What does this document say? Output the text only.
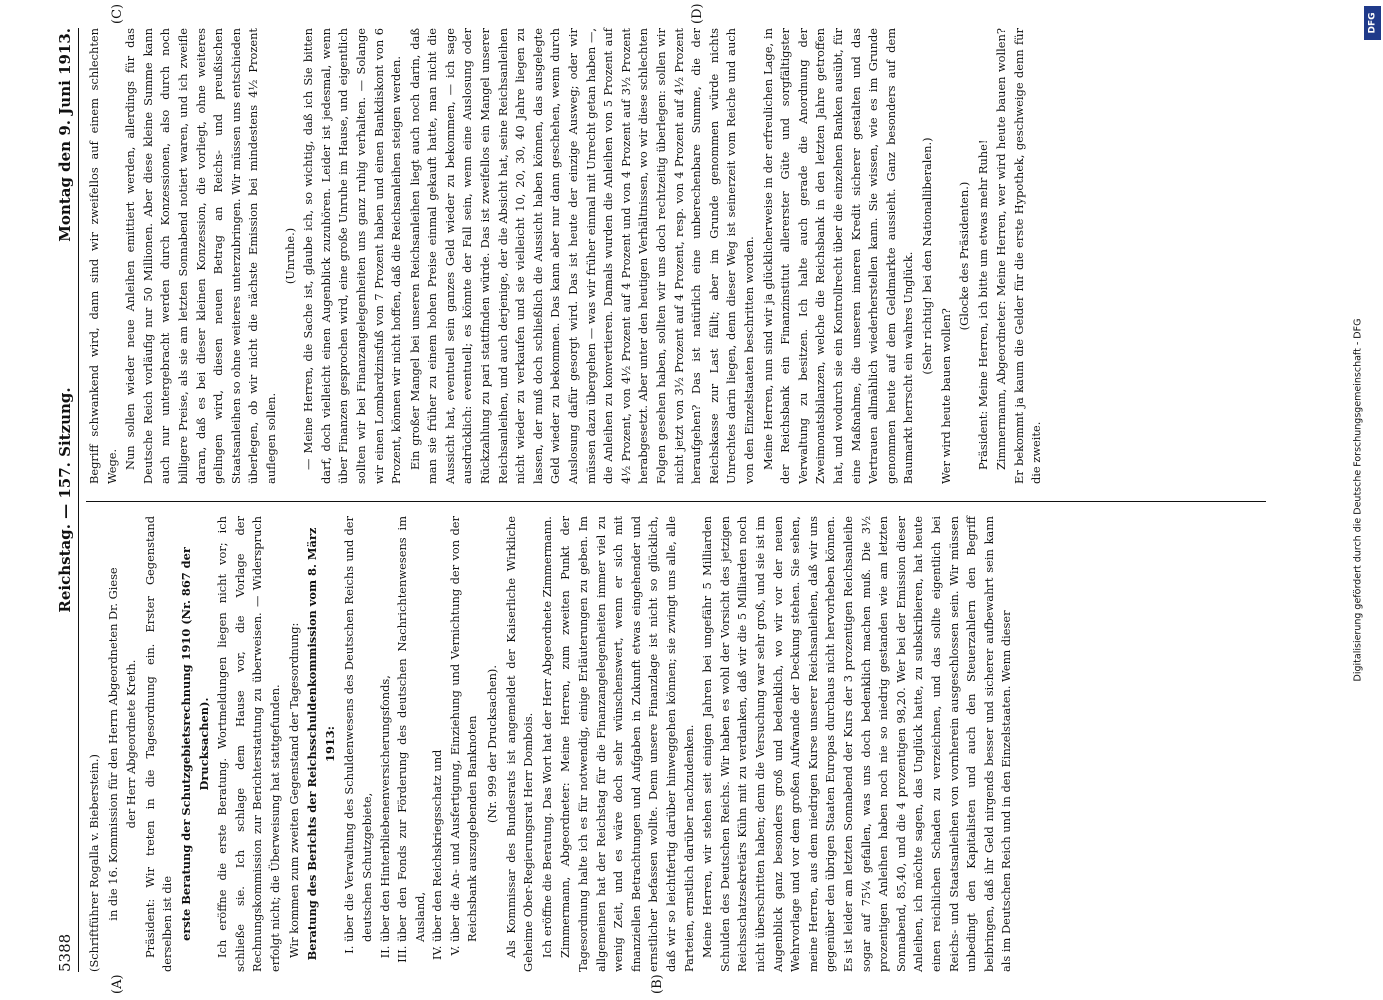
5388
Reichstag. — 157. Sitzung.
Montag den 9. Juni 1913.
(A)	(B)
(C)	(D)

(Schriftführer Rogalla v. Bieberstein.) in die 16. Kommission für den Herrn Abgeordneten Dr. Giese der Herr Abgeordnete Kreth. Präsident: Wir treten in die Tagesordnung ein. Erster Gegenstand derselben ist die erste Beratung der Schutzgebietsrechnung 1910 (Nr. 867 der Drucksachen). Ich eröffne die erste Beratung. Wortmeldungen liegen nicht vor; ich schließe sie. Ich schlage dem Hause vor, die Vorlage der Rechnungskommission zur Berichterstattung zu überweisen. — Widerspruch erfolgt nicht; die Überweisung hat stattgefunden. Wir kommen zum zweiten Gegenstand der Tagesordnung: Beratung des Berichts der Reichsschuldenkommission vom 8. März 1913: I. über die Verwaltung des Schuldenwesens des Deutschen Reichs und der deutschen Schutzgebiete, II. über den Hinterbliebenenversicherungsfonds, III. über den Fonds zur Förderung des deutschen Nachrichtenwesens im Ausland, IV. über den Reichskriegsschatz und V. über die An- und Ausfertigung, Einziehung und Vernichtung der von der Reichsbank auszugebenden Banknoten (Nr. 999 der Drucksachen). Als Kommissar des Bundesrats ist angemeldet der Kaiserliche Wirkliche Geheime Ober-Regierungsrat Herr Dombois. Ich eröffne die Beratung. Das Wort hat der Herr Abgeordnete Zimmermann. Zimmermann, Abgeordneter: Meine Herren, zum zweiten Punkt der Tagesordnung halte ich es für notwendig, einige Erläuterungen zu geben. Im allgemeinen hat der Reichstag für die Finanzangelegenheiten immer viel zu wenig Zeit, und es wäre doch sehr wünschenswert, wenn er sich mit finanziellen Betrachtungen und Aufgaben in Zukunft etwas eingehender und ernstlicher befassen wollte. Denn unsere Finanzlage ist nicht so glücklich, daß wir so leichtfertig darüber hinweggehen können; sie zwingt uns alle, alle Parteien, ernstlich darüber nachzudenken. Meine Herren, wir stehen seit einigen Jahren bei ungefähr 5 Milliarden Schulden des Deutschen Reichs. Wir haben es wohl der Vorsicht des jetzigen Reichsschatzsekretärs Kühn mit zu verdanken, daß wir die 5 Milliarden noch nicht überschritten haben; denn die Versuchung war sehr groß, und sie ist im Augenblick ganz besonders groß und bedenklich, wo wir vor der neuen Wehrvorlage und vor dem großen Aufwande der Deckung stehen. Sie sehen, meine Herren, aus dem niedrigen Kurse unserer Reichsanleihen, daß wir uns gegenüber den übrigen Staaten Europas durchaus nicht hervorheben können. Es ist leider am letzten Sonnabend der Kurs der 3 prozentigen Reichsanleihe sogar auf 75¼ gefallen, was uns doch bedenklich machen muß. Die 3½ prozentigen Anleihen haben noch nie so niedrig gestanden wie am letzten Sonnabend, 85,40, und die 4 prozentigen 98,20. Wer bei der Emission dieser Anleihen, ich möchte sagen, das Unglück hatte, zu subskribieren, hat heute einen reichlichen Schaden zu verzeichnen, und das sollte eigentlich bei Reichs- und Staatsanleihen von vornherein ausgeschlossen sein. Wir müssen unbedingt den Kapitalisten und auch den Steuerzahlern den Begriff beibringen, daß ihr Geld nirgends besser und sicherer aufbewahrt sein kann als im Deutschen Reich und in den Einzelstaaten. Wenn dieser

Begriff schwankend wird, dann sind wir zweifellos auf einem schlechten Wege. Nun sollen wieder neue Anleihen emittiert werden, allerdings für das Deutsche Reich vorläufig nur 50 Millionen. Aber diese kleine Summe kann auch nur untergebracht werden durch Konzessionen, also durch noch billigere Preise, als sie am letzten Sonnabend notiert waren, und ich zweifle daran, daß es bei dieser kleinen Konzession, die vorliegt, ohne weiteres gelingen wird, diesen neuen Betrag an Reichs- und preußischen Staatsanleihen so ohne weiteres unterzubringen. Wir müssen uns entschieden überlegen, ob wir nicht die nächste Emission bei mindestens 4½ Prozent auflegen sollen.

(Unruhe.) — Meine Herren, die Sache ist, glaube ich, so wichtig, daß ich Sie bitten darf, doch vielleicht einen Augenblick zuzuhören. Leider ist jedesmal, wenn über Finanzen gesprochen wird, eine große Unruhe im Hause, und eigentlich sollten wir bei Finanzangelegenheiten uns ganz ruhig verhalten. — Solange wir einen Lombardzinsfuß von 7 Prozent haben und einen Bankdiskont von 6 Prozent, können wir nicht hoffen, daß die Reichsanleihen steigen werden. Ein großer Mangel bei unseren Reichsanleihen liegt auch noch darin, daß man sie früher zu einem hohen Preise einmal gekauft hatte, man nicht die Aussicht hat, eventuell sein ganzes Geld wieder zu bekommen, — ich sage ausdrücklich: eventuell; es könnte der Fall sein, wenn eine Auslosung oder Rückzahlung zu pari stattfinden würde. Das ist zweifellos ein Mangel unserer Reichsanleihen, und auch derjenige, der die Absicht hat, seine Reichsanleihen nicht wieder zu verkaufen und sie vielleicht 10, 20, 30, 40 Jahre liegen zu lassen, der muß doch schließlich die Aussicht haben können, das ausgelegte Geld wieder zu bekommen. Das kann aber nur dann geschehen, wenn durch Auslosung dafür gesorgt wird. Das ist heute der einzige Ausweg; oder wir müssen dazu übergehen — was wir früher einmal mit Unrecht getan haben —, die Anleihen zu konvertieren. Damals wurden die Anleihen von 5 Prozent auf 4½ Prozent, von 4½ Prozent auf 4 Prozent und von 4 Prozent auf 3½ Prozent herabgesetzt. Aber unter den heutigen Verhältnissen, wo wir diese schlechten Folgen gesehen haben, sollten wir uns doch rechtzeitig überlegen: sollen wir nicht jetzt von 3½ Prozent auf 4 Prozent, resp. von 4 Prozent auf 4½ Prozent heraufgehen? Das ist natürlich eine unberechenbare Summe, die der Reichskasse zur Last fällt; aber im Grunde genommen würde nichts Unrechtes darin liegen, denn dieser Weg ist seinerzeit vom Reiche und auch von den Einzelstaaten beschritten worden. Meine Herren, nun sind wir ja glücklicherweise in der erfreulichen Lage, in der Reichsbank ein Finanzinstitut allererster Güte und sorgfältigster Verwaltung zu besitzen. Ich halte auch gerade die Anordnung der Zweimonatsbilanzen, welche die Reichsbank in den letzten Jahre getroffen hat, und wodurch sie ein Kontrollrecht über die einzelnen Banken ausübt, für eine Maßnahme, die unseren inneren Kredit sicherer gestalten und das Vertrauen allmählich wiederherstellen kann. Sie wissen, wie es im Grunde genommen heute auf dem Geldmarkte aussieht. Ganz besonders auf dem Baumarkt herrscht ein wahres Unglück. (Sehr richtig! bei den Nationalliberalen.)

Wer wird heute bauen wollen?

(Glocke des Präsidenten.) Präsident: Meine Herren, ich bitte um etwas mehr Ruhe! Zimmermann, Abgeordneter: Meine Herren, wer wird heute bauen wollen? Er bekommt ja kaum die Gelder für die erste Hypothek, geschweige denn für die zweite.	Digitalisierung gefördert durch die Deutsche Forschungsgemeinschaft - DFG
DFG
